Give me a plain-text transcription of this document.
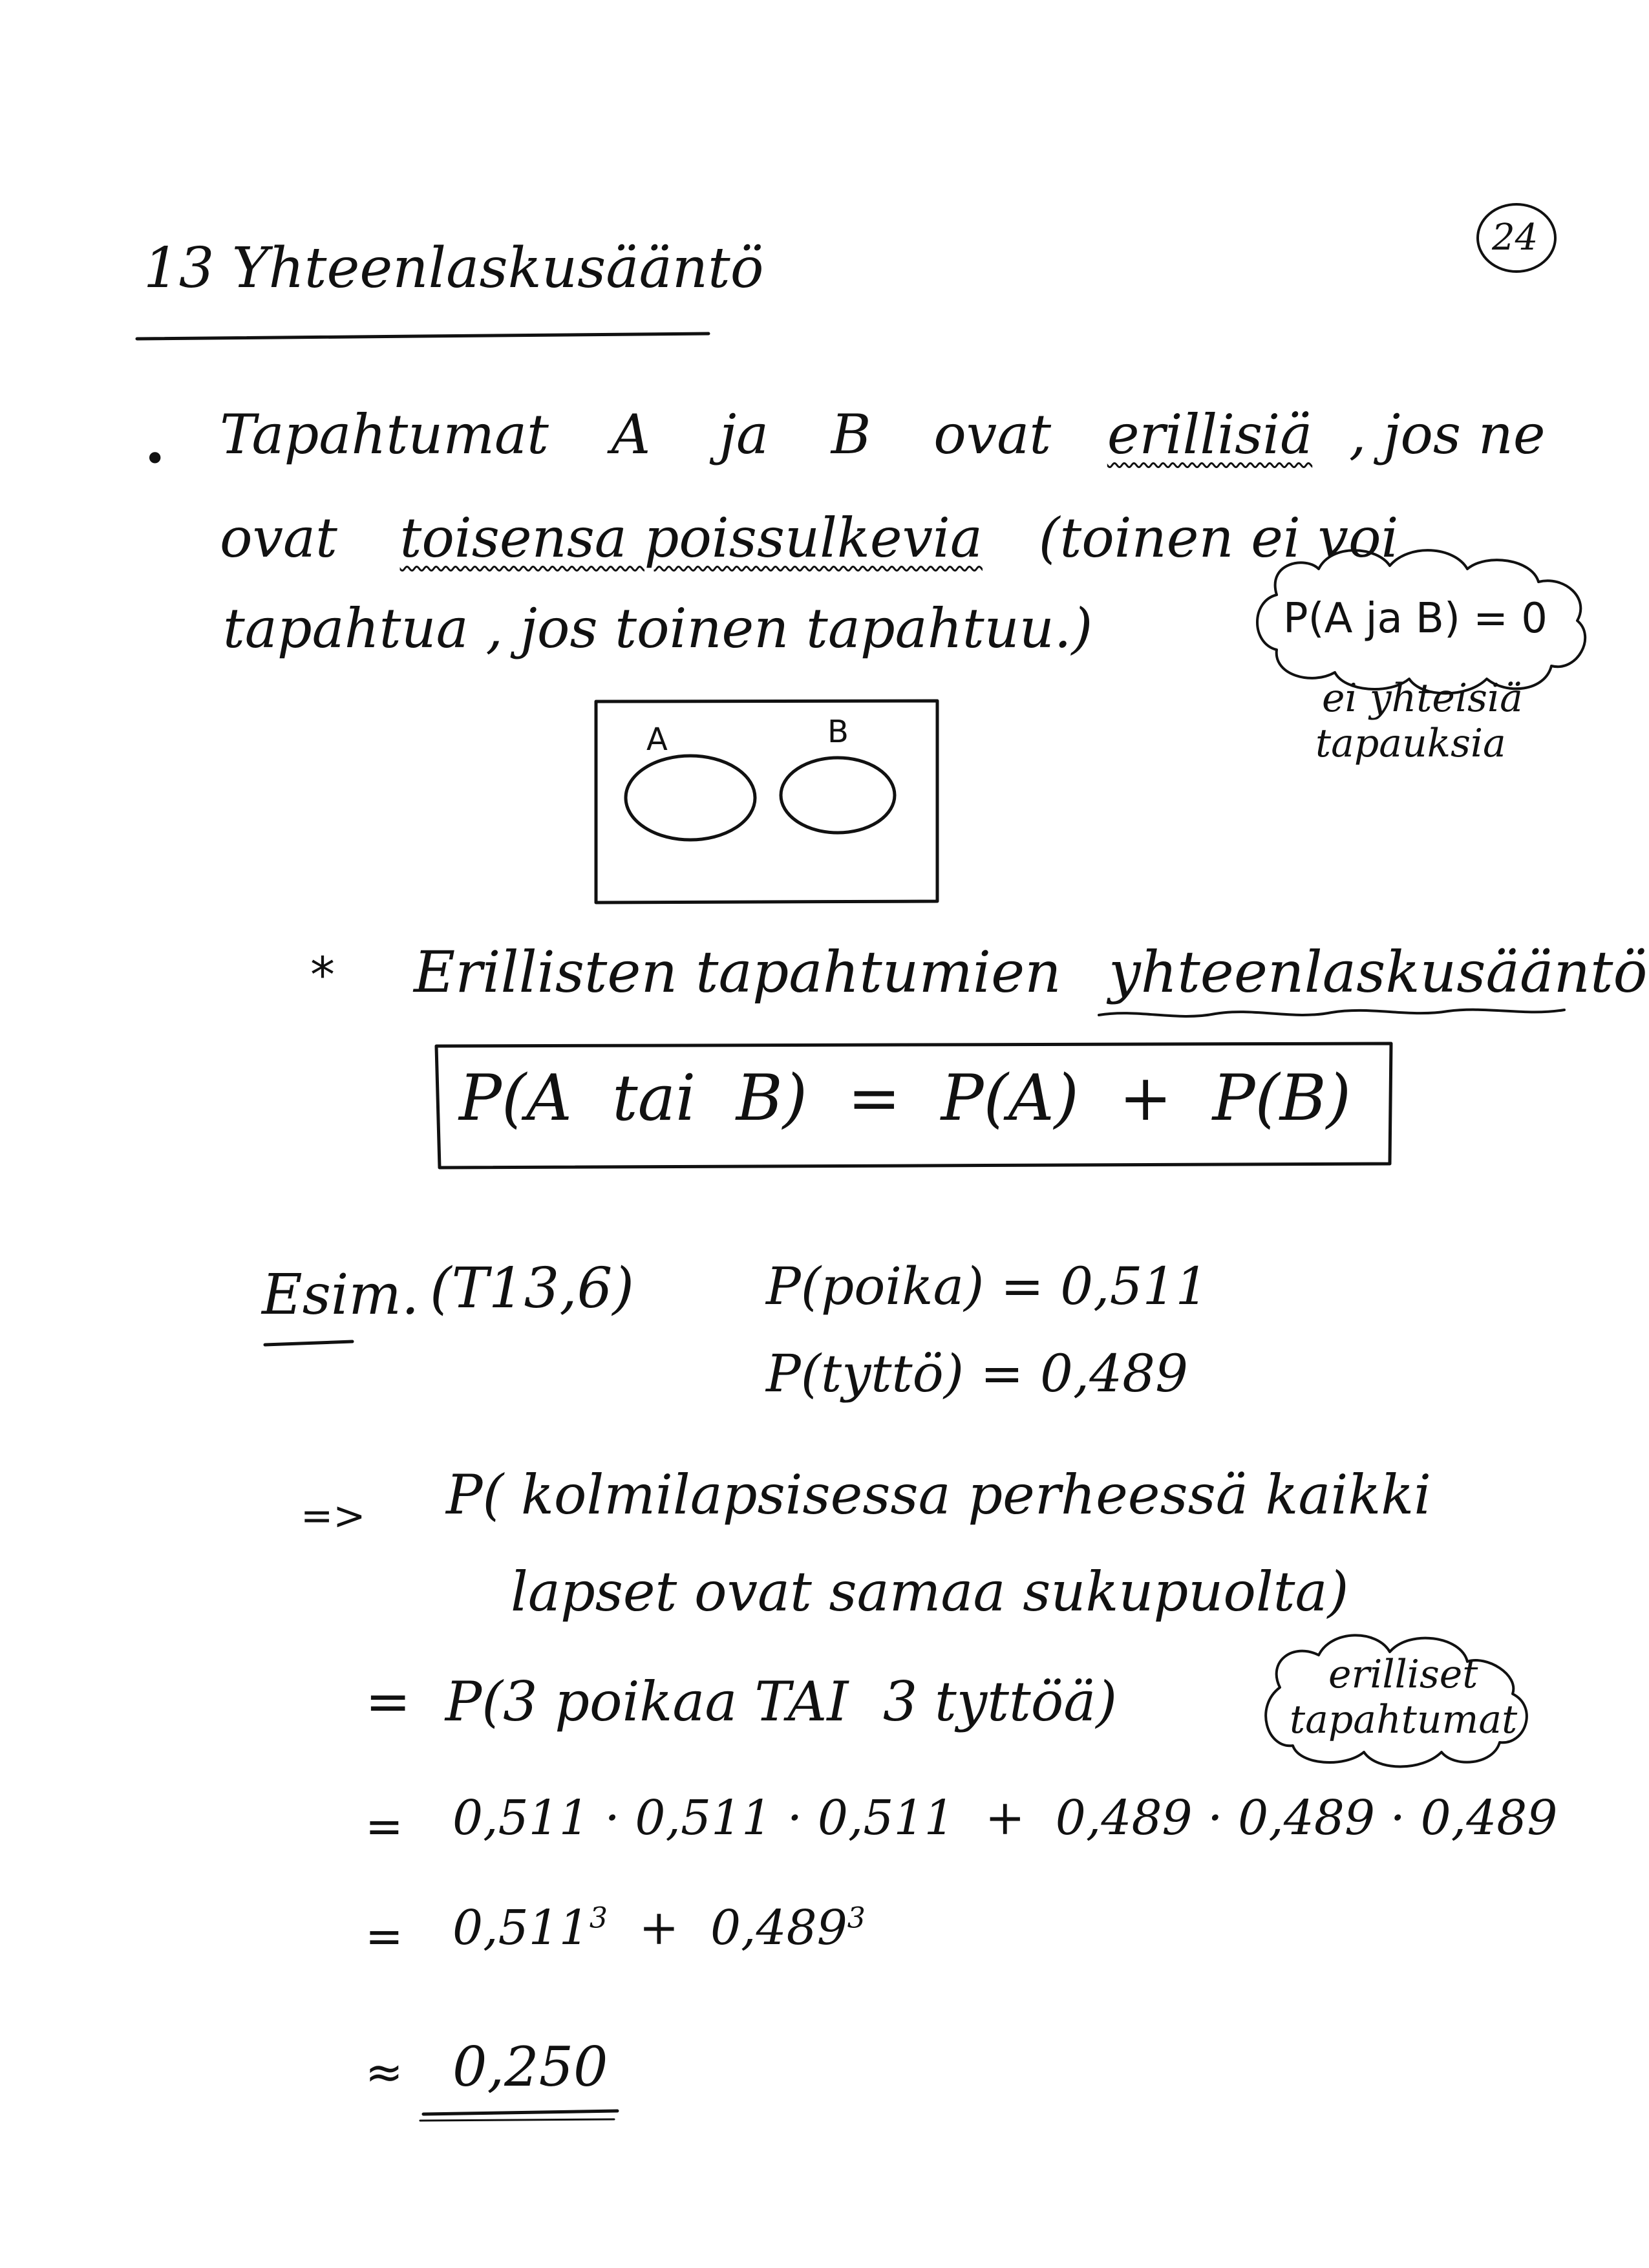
24
13 Yhteenlaskusääntö
• Tapahtumat A ja B ovat erillisiä , jos ne
ovat toisensa poissulkevia (toinen ei voi
tapahtua , jos toinen tapahtuu.)	P(A ja B) = 0
ei yhteisiä
tapauksia
A	B
* Erillisten tapahtumien yhteenlaskusääntö
P(A  tai  B)  =  P(A)  +  P(B)
Esim. (T13,6)	P(poika) = 0,511
P(tyttö) = 0,489
=> P( kolmilapsisessa perheessä kaikki
lapset ovat samaa sukupuolta)
=  P(3 poikaa TAI  3 tyttöä)	erilliset
tapahtumat
= 0,511 · 0,511 · 0,511  +  0,489 · 0,489 · 0,489
= $0,511^3 + 0,489^3$
≈ 0,250
